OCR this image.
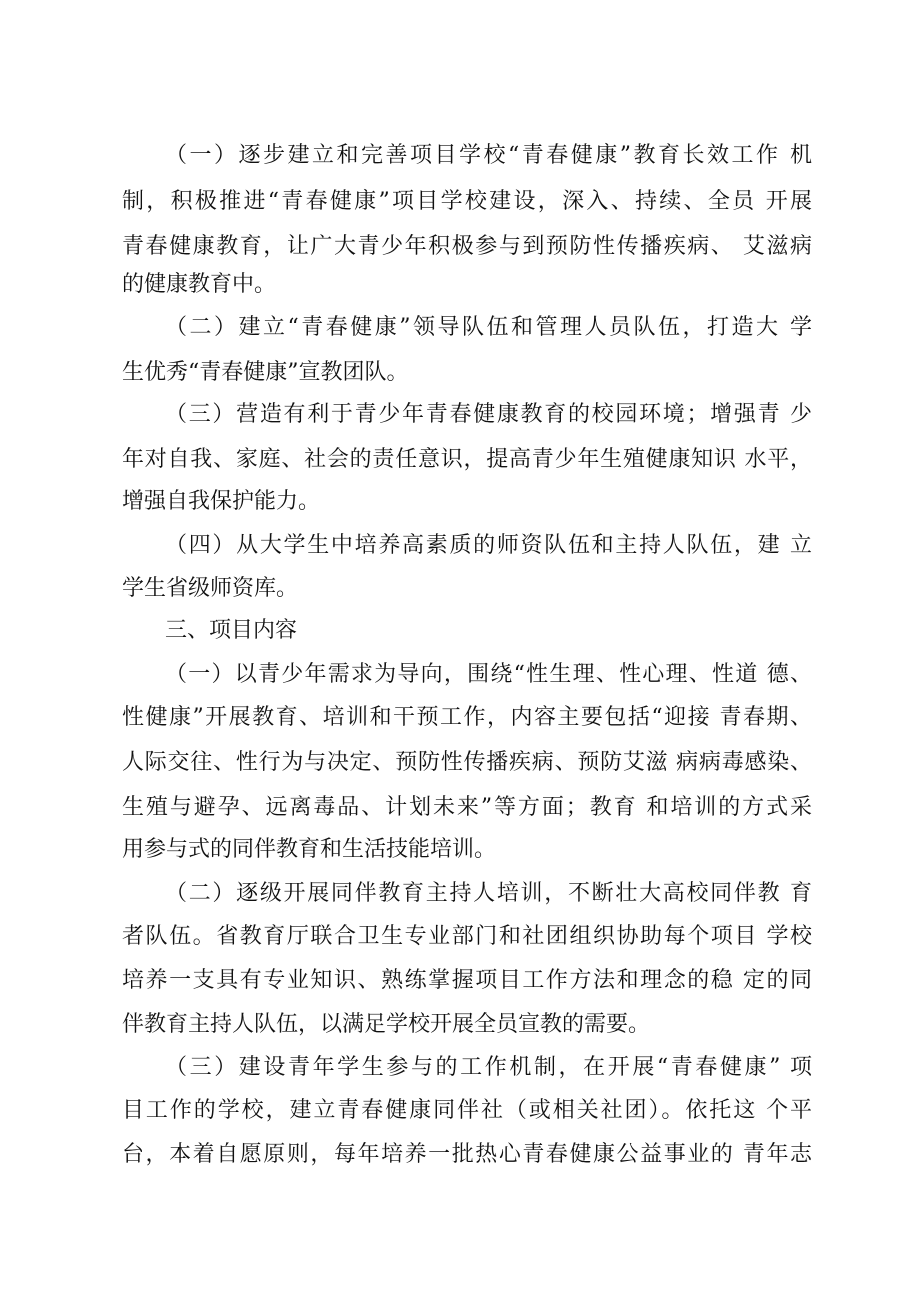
（一）逐步建立和完善项目学校“青春健康”教育长效工作 机
制，积极推进“青春健康”项目学校建设，深入、持续、全员 开展
青春健康教育，让广大青少年积极参与到预防性传播疾病、 艾滋病
的健康教育中。
（二）建立“青春健康”领导队伍和管理人员队伍，打造大 学
生优秀“青春健康”宣教团队。
（三）营造有利于青少年青春健康教育的校园环境；增强青 少
年对自我、家庭、社会的责任意识，提高青少年生殖健康知识 水平，
增强自我保护能力。
（四）从大学生中培养高素质的师资队伍和主持人队伍，建 立
学生省级师资库。
三、项目内容
（一）以青少年需求为导向，围绕“性生理、性心理、性道 德、
性健康”开展教育、培训和干预工作，内容主要包括“迎接 青春期、
人际交往、性行为与决定、预防性传播疾病、预防艾滋 病病毒感染、
生殖与避孕、远离毒品、计划未来”等方面；教育 和培训的方式采
用参与式的同伴教育和生活技能培训。
（二）逐级开展同伴教育主持人培训，不断壮大高校同伴教 育
者队伍。省教育厅联合卫生专业部门和社团组织协助每个项目 学校
培养一支具有专业知识、熟练掌握项目工作方法和理念的稳 定的同
伴教育主持人队伍，以满足学校开展全员宣教的需要。
（三）建设青年学生参与的工作机制，在开展“青春健康” 项
目工作的学校，建立青春健康同伴社（或相关社团）。依托这 个平
台，本着自愿原则，每年培养一批热心青春健康公益事业的 青年志
